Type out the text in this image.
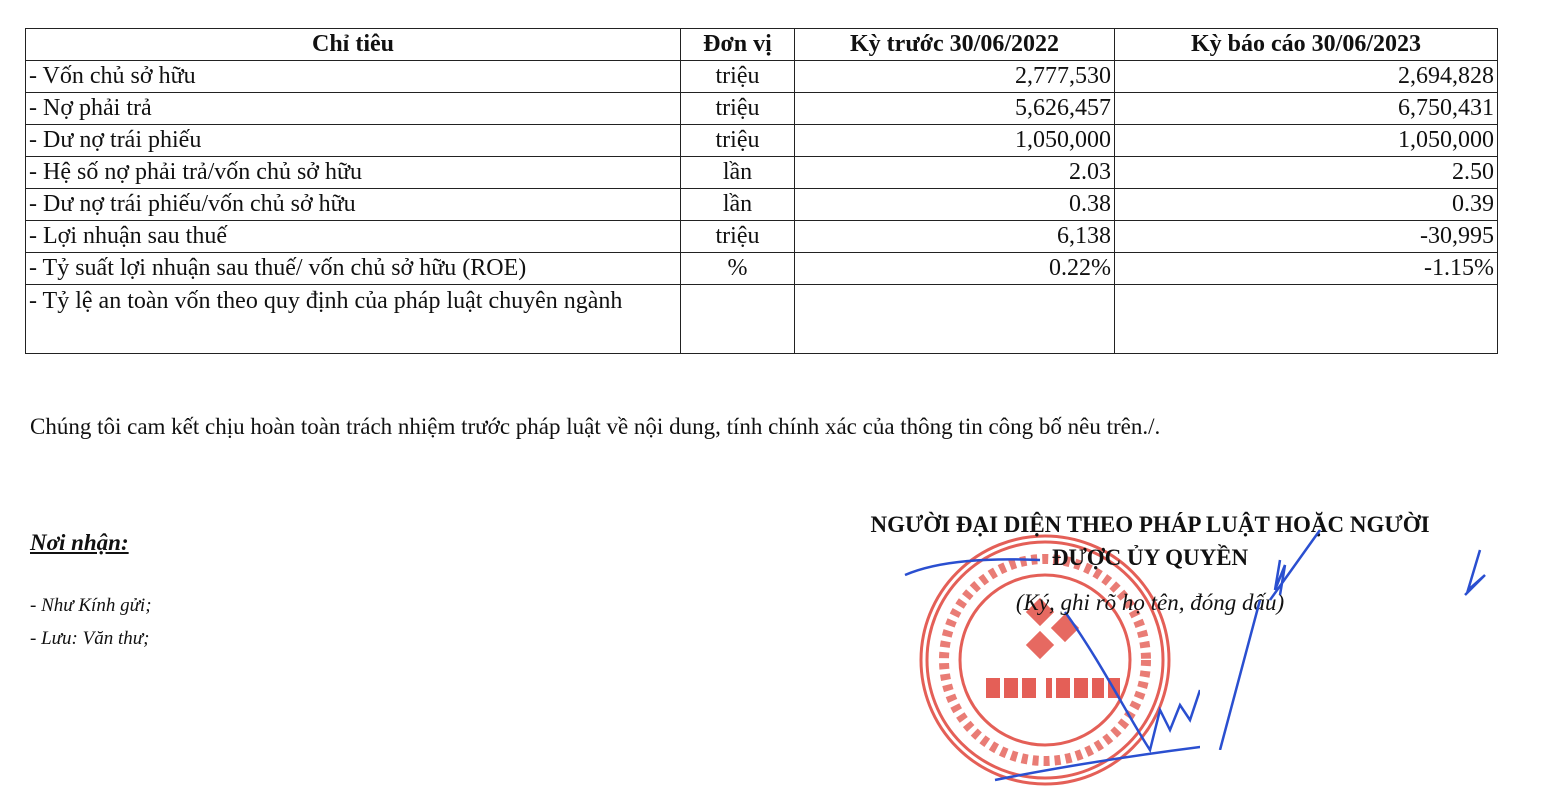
Chỉ tiêu	Đơn vị	Kỳ trước 30/06/2022	Kỳ báo cáo 30/06/2023
- Vốn chủ sở hữu	triệu	2,777,530	2,694,828
- Nợ phải trả	triệu	5,626,457	6,750,431
- Dư nợ trái phiếu	triệu	1,050,000	1,050,000
- Hệ số nợ phải trả/vốn chủ sở hữu	lần	2.03	2.50
- Dư nợ trái phiếu/vốn chủ sở hữu	lần	0.38	0.39
- Lợi nhuận sau thuế	triệu	6,138	-30,995
- Tỷ suất lợi nhuận sau thuế/ vốn chủ sở hữu (ROE)	%	0.22%	-1.15%
- Tỷ lệ an toàn vốn theo quy định của pháp luật chuyên ngành			
Chúng tôi cam kết chịu hoàn toàn trách nhiệm trước pháp luật về nội dung, tính chính xác của thông tin công bố nêu trên./.
Nơi nhận:
- Như Kính gửi;
- Lưu: Văn thư;
NGƯỜI ĐẠI DIỆN THEO PHÁP LUẬT HOẶC NGƯỜI
ĐƯỢC ỦY QUYỀN
(Ký, ghi rõ họ tên, đóng dấu)
